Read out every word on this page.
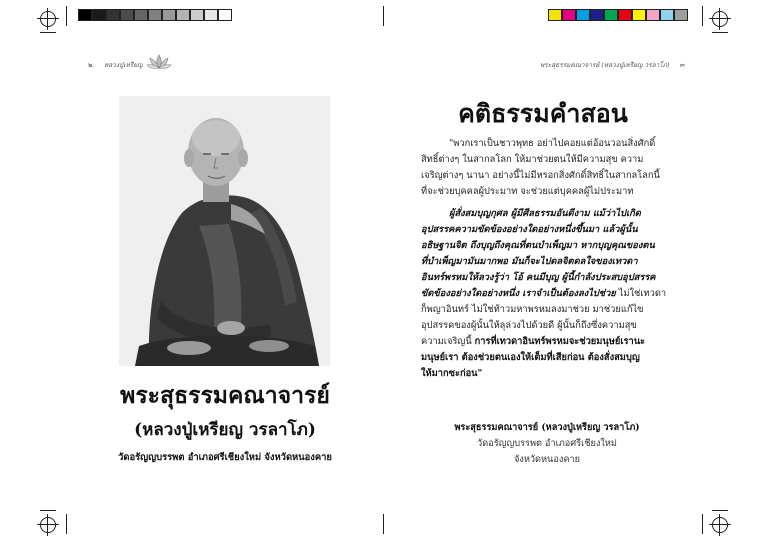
๒ หลวงปู่เหรียญ	พระสุธรรมคณาจารย์ (หลวงปู่เหรียญ วรลาโภ) ๓
พระสุธรรมคณาจารย์
(หลวงปู่เหรียญ วรลาโภ)
วัดอรัญญบรรพต อำเภอศรีเชียงใหม่ จังหวัดหนองคาย
คติธรรมคำสอน
"พวกเราเป็นชาวพุทธ อย่าไปคอยแต่อ้อนวอนสิ่งศักดิ์
สิทธิ์ต่างๆ ในสากลโลก ให้มาช่วยตนให้มีความสุข ความ
เจริญต่างๆ นานา อย่างนี้ไม่มีหรอกสิ่งศักดิ์สิทธิ์ในสากลโลกนี้
ที่จะช่วยบุคคลผู้ประมาท จะช่วยแต่บุคคลผู้ไม่ประมาท
ผู้สั่งสมบุญกุศล ผู้มีศีลธรรมอันดีงาม แม้ว่าไปเกิด
อุปสรรคความขัดข้องอย่างใดอย่างหนึ่งขึ้นมา แล้วผู้นั้น
อธิษฐานจิต ถึงบุญถึงคุณที่ตนบำเพ็ญมา หากบุญคุณของตน
ที่บำเพ็ญมามันมากพอ มันก็จะไปดลจิตดลใจของเทวดา
อินทร์พรหมให้ลวงรู้ว่า โอ้ คนมีบุญ ผู้นี้กำลังประสบอุปสรรค
ขัดข้องอย่างใดอย่างหนึ่ง เราจำเป็นต้องลงไปช่วย ไม่ใช่เทวดา
ก็พญาอินทร์ ไม่ใช่ท้าวมหาพรหมลงมาช่วย มาช่วยแก้ไข
อุปสรรคของผู้นั้นให้ลุล่วงไปด้วยดี ผู้นั้นก็ถึงซึ่งความสุข
ความเจริญนี้ การที่เทวดาอินทร์พรหมจะช่วยมนุษย์เรานะ
มนุษย์เรา ต้องช่วยตนเองให้เต็มที่เสียก่อน ต้องสั่งสมบุญ
ให้มากซะก่อน"
พระสุธรรมคณาจารย์ (หลวงปู่เหรียญ วรลาโภ)
วัดอรัญญบรรพต อำเภอศรีเชียงใหม่
จังหวัดหนองคาย
